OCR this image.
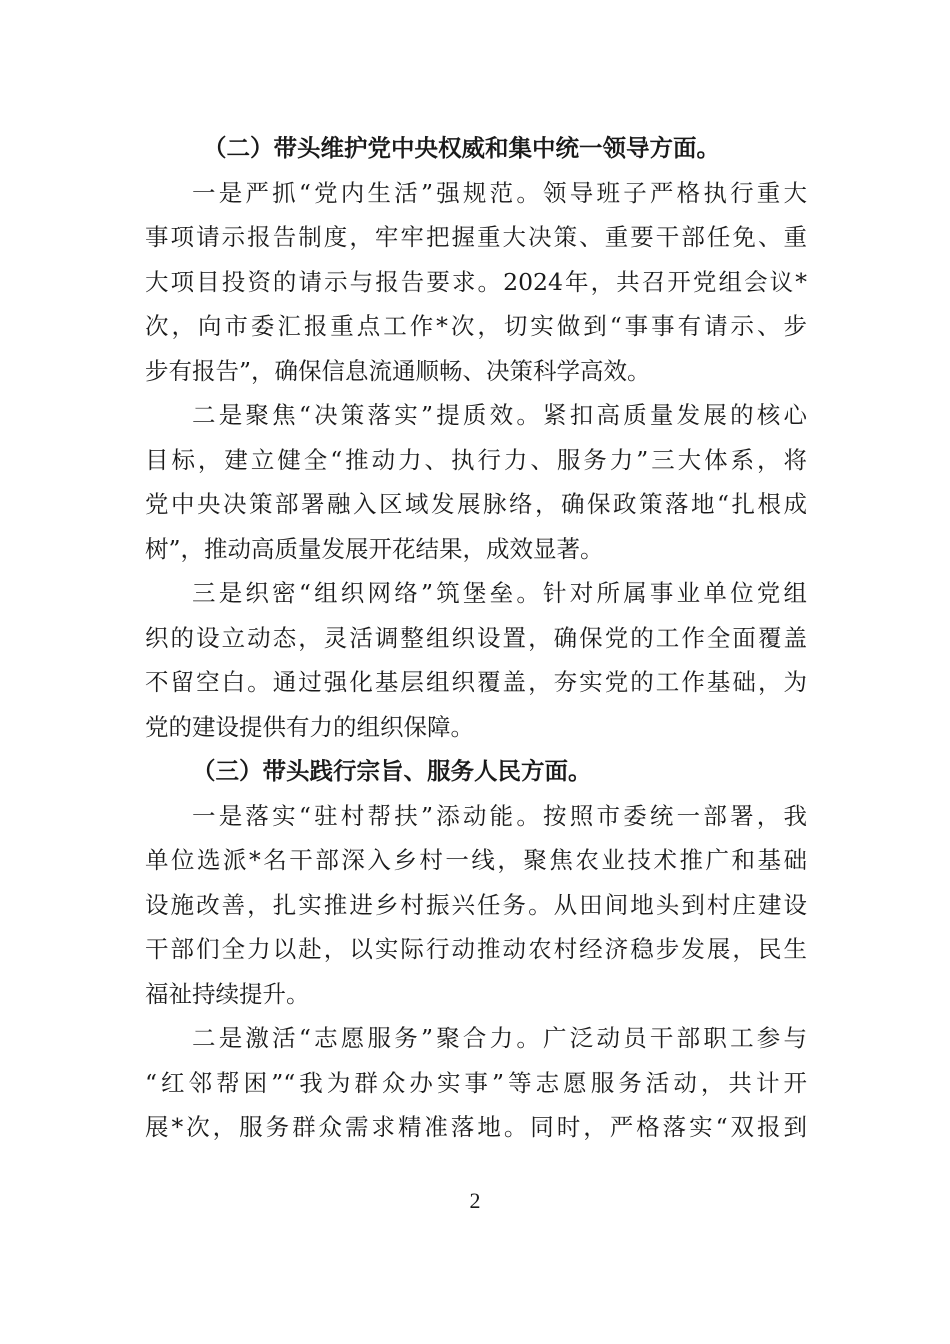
（二）带头维护党中央权威和集中统一领导方面。
一是严抓“党内生活”强规范。领导班子严格执行重大
事项请示报告制度，牢牢把握重大决策、重要干部任免、重
大项目投资的请示与报告要求。2024年，共召开党组会议*
次，向市委汇报重点工作*次，切实做到“事事有请示、步
步有报告”，确保信息流通顺畅、决策科学高效。
二是聚焦“决策落实”提质效。紧扣高质量发展的核心
目标，建立健全“推动力、执行力、服务力”三大体系，将
党中央决策部署融入区域发展脉络，确保政策落地“扎根成
树”，推动高质量发展开花结果，成效显著。
三是织密“组织网络”筑堡垒。针对所属事业单位党组
织的设立动态，灵活调整组织设置，确保党的工作全面覆盖
不留空白。通过强化基层组织覆盖，夯实党的工作基础，为
党的建设提供有力的组织保障。
（三）带头践行宗旨、服务人民方面。
一是落实“驻村帮扶”添动能。按照市委统一部署，我
单位选派*名干部深入乡村一线，聚焦农业技术推广和基础
设施改善，扎实推进乡村振兴任务。从田间地头到村庄建设
干部们全力以赴，以实际行动推动农村经济稳步发展，民生
福祉持续提升。
二是激活“志愿服务”聚合力。广泛动员干部职工参与
“红邻帮困”“我为群众办实事”等志愿服务活动，共计开
展*次，服务群众需求精准落地。同时，严格落实“双报到
2
